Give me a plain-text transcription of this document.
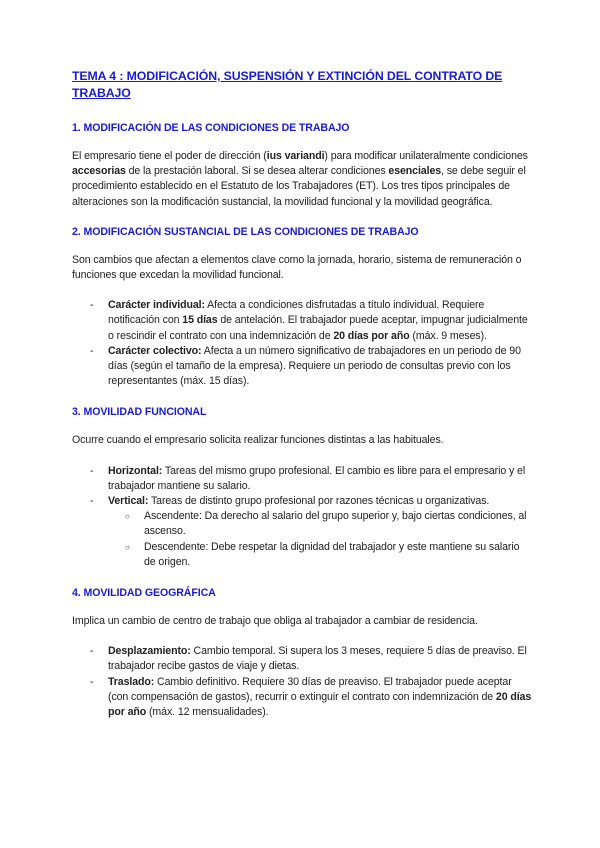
TEMA 4 : MODIFICACIÓN, SUSPENSIÓN Y EXTINCIÓN DEL CONTRATO DE TRABAJO
1. MODIFICACIÓN DE LAS CONDICIONES DE TRABAJO
El empresario tiene el poder de dirección (ius variandi) para modificar unilateralmente condiciones accesorias de la prestación laboral. Si se desea alterar condiciones esenciales, se debe seguir el procedimiento establecido en el Estatuto de los Trabajadores (ET). Los tres tipos principales de alteraciones son la modificación sustancial, la movilidad funcional y la movilidad geográfica.
2. MODIFICACIÓN SUSTANCIAL DE LAS CONDICIONES DE TRABAJO
Son cambios que afectan a elementos clave como la jornada, horario, sistema de remuneración o funciones que excedan la movilidad funcional.
- Carácter individual: Afecta a condiciones disfrutadas a título individual. Requiere notificación con 15 días de antelación. El trabajador puede aceptar, impugnar judicialmente o rescindir el contrato con una indemnización de 20 días por año (máx. 9 meses).
- Carácter colectivo: Afecta a un número significativo de trabajadores en un periodo de 90 días (según el tamaño de la empresa). Requiere un periodo de consultas previo con los representantes (máx. 15 días).
3. MOVILIDAD FUNCIONAL
Ocurre cuando el empresario solicita realizar funciones distintas a las habituales.
- Horizontal: Tareas del mismo grupo profesional. El cambio es libre para el empresario y el trabajador mantiene su salario.
- Vertical: Tareas de distinto grupo profesional por razones técnicas u organizativas.
○ Ascendente: Da derecho al salario del grupo superior y, bajo ciertas condiciones, al ascenso.
○ Descendente: Debe respetar la dignidad del trabajador y este mantiene su salario de origen.
4. MOVILIDAD GEOGRÁFICA
Implica un cambio de centro de trabajo que obliga al trabajador a cambiar de residencia.
- Desplazamiento: Cambio temporal. Si supera los 3 meses, requiere 5 días de preaviso. El trabajador recibe gastos de viaje y dietas.
- Traslado: Cambio definitivo. Requiere 30 días de preaviso. El trabajador puede aceptar (con compensación de gastos), recurrir o extinguir el contrato con indemnización de 20 días por año (máx. 12 mensualidades).
